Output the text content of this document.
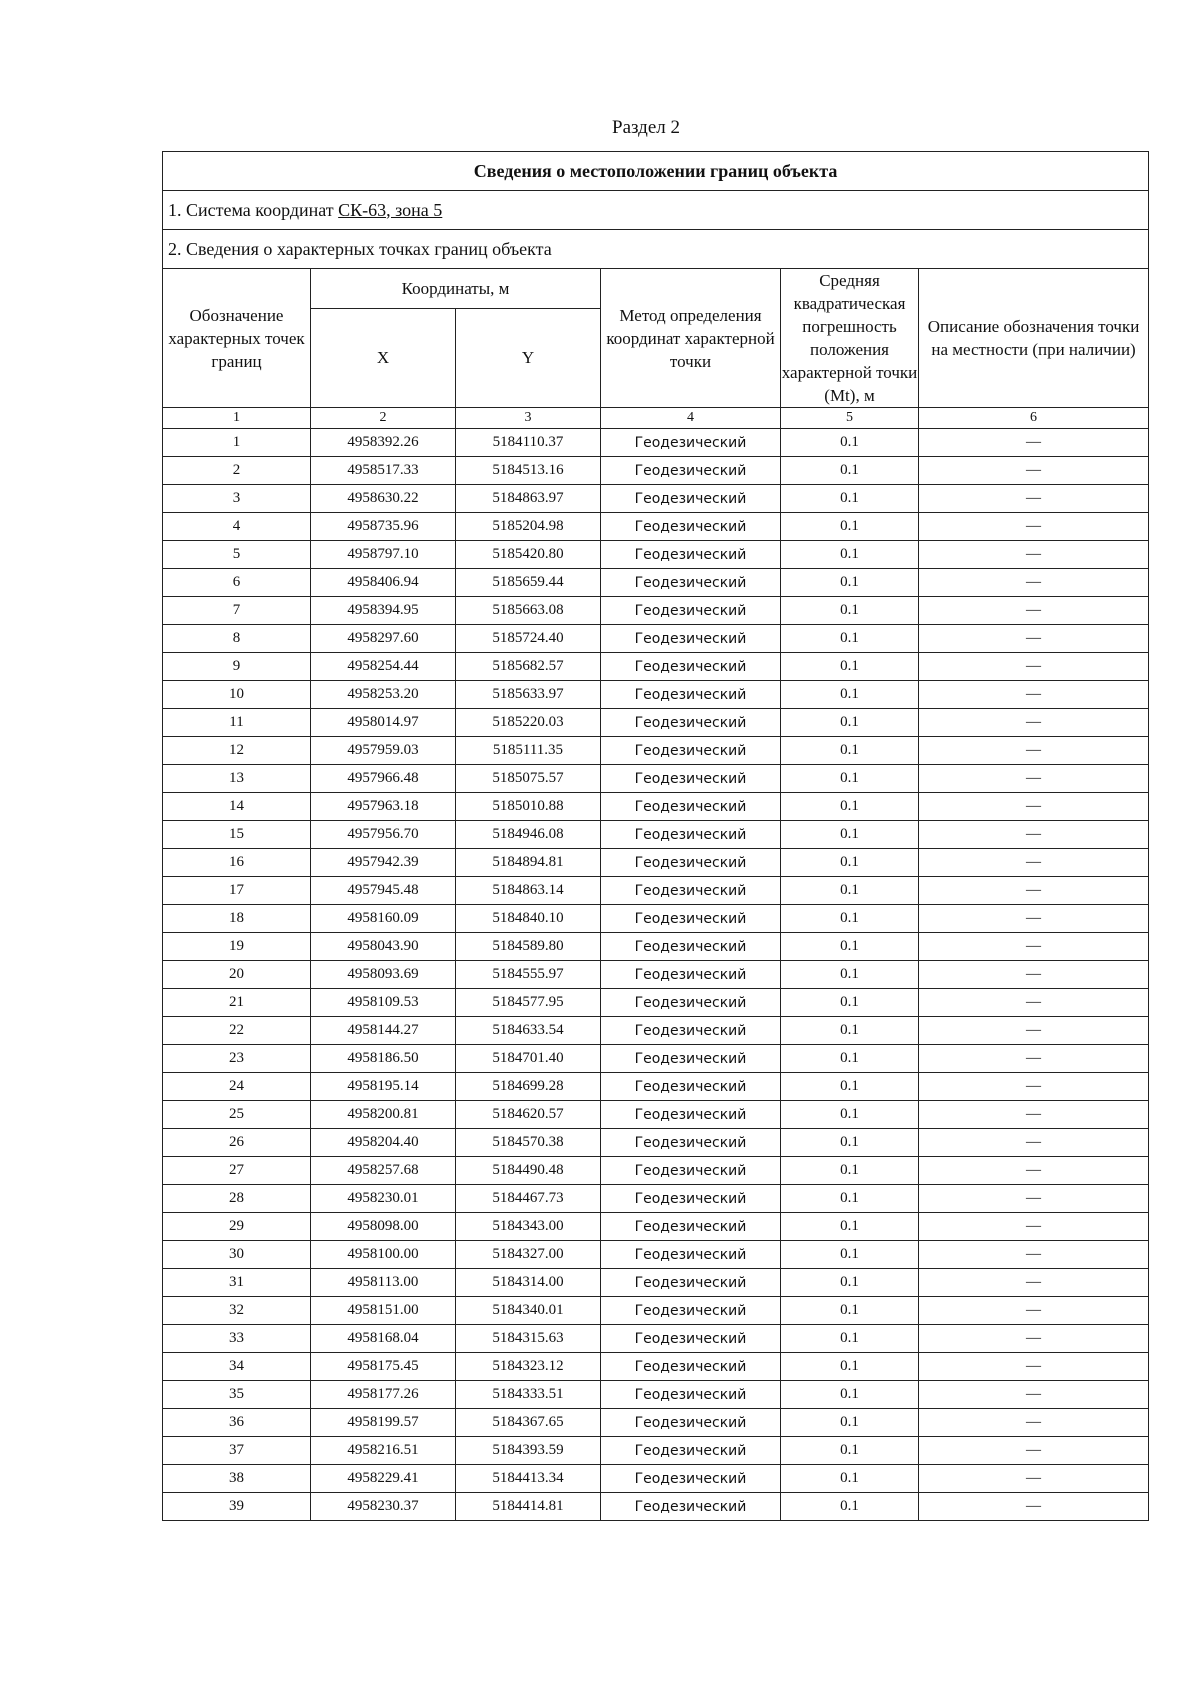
Раздел 2
Сведения о местоположении границ объекта					
1. Система координат СК-63, зона 5					
2. Сведения о характерных точках границ объекта					
Обозначение характерных точек границ	Координаты, м		Метод определения координат характерной точки	Средняя квадратическая погрешность положения характерной точки (Mt), м	Описание обозначения точки на местности (при наличии)
	X	Y			
1	2	3	4	5	6
1	4958392.26	5184110.37	Геодезический	0.1	—
2	4958517.33	5184513.16	Геодезический	0.1	—
3	4958630.22	5184863.97	Геодезический	0.1	—
4	4958735.96	5185204.98	Геодезический	0.1	—
5	4958797.10	5185420.80	Геодезический	0.1	—
6	4958406.94	5185659.44	Геодезический	0.1	—
7	4958394.95	5185663.08	Геодезический	0.1	—
8	4958297.60	5185724.40	Геодезический	0.1	—
9	4958254.44	5185682.57	Геодезический	0.1	—
10	4958253.20	5185633.97	Геодезический	0.1	—
11	4958014.97	5185220.03	Геодезический	0.1	—
12	4957959.03	5185111.35	Геодезический	0.1	—
13	4957966.48	5185075.57	Геодезический	0.1	—
14	4957963.18	5185010.88	Геодезический	0.1	—
15	4957956.70	5184946.08	Геодезический	0.1	—
16	4957942.39	5184894.81	Геодезический	0.1	—
17	4957945.48	5184863.14	Геодезический	0.1	—
18	4958160.09	5184840.10	Геодезический	0.1	—
19	4958043.90	5184589.80	Геодезический	0.1	—
20	4958093.69	5184555.97	Геодезический	0.1	—
21	4958109.53	5184577.95	Геодезический	0.1	—
22	4958144.27	5184633.54	Геодезический	0.1	—
23	4958186.50	5184701.40	Геодезический	0.1	—
24	4958195.14	5184699.28	Геодезический	0.1	—
25	4958200.81	5184620.57	Геодезический	0.1	—
26	4958204.40	5184570.38	Геодезический	0.1	—
27	4958257.68	5184490.48	Геодезический	0.1	—
28	4958230.01	5184467.73	Геодезический	0.1	—
29	4958098.00	5184343.00	Геодезический	0.1	—
30	4958100.00	5184327.00	Геодезический	0.1	—
31	4958113.00	5184314.00	Геодезический	0.1	—
32	4958151.00	5184340.01	Геодезический	0.1	—
33	4958168.04	5184315.63	Геодезический	0.1	—
34	4958175.45	5184323.12	Геодезический	0.1	—
35	4958177.26	5184333.51	Геодезический	0.1	—
36	4958199.57	5184367.65	Геодезический	0.1	—
37	4958216.51	5184393.59	Геодезический	0.1	—
38	4958229.41	5184413.34	Геодезический	0.1	—
39	4958230.37	5184414.81	Геодезический	0.1	—
